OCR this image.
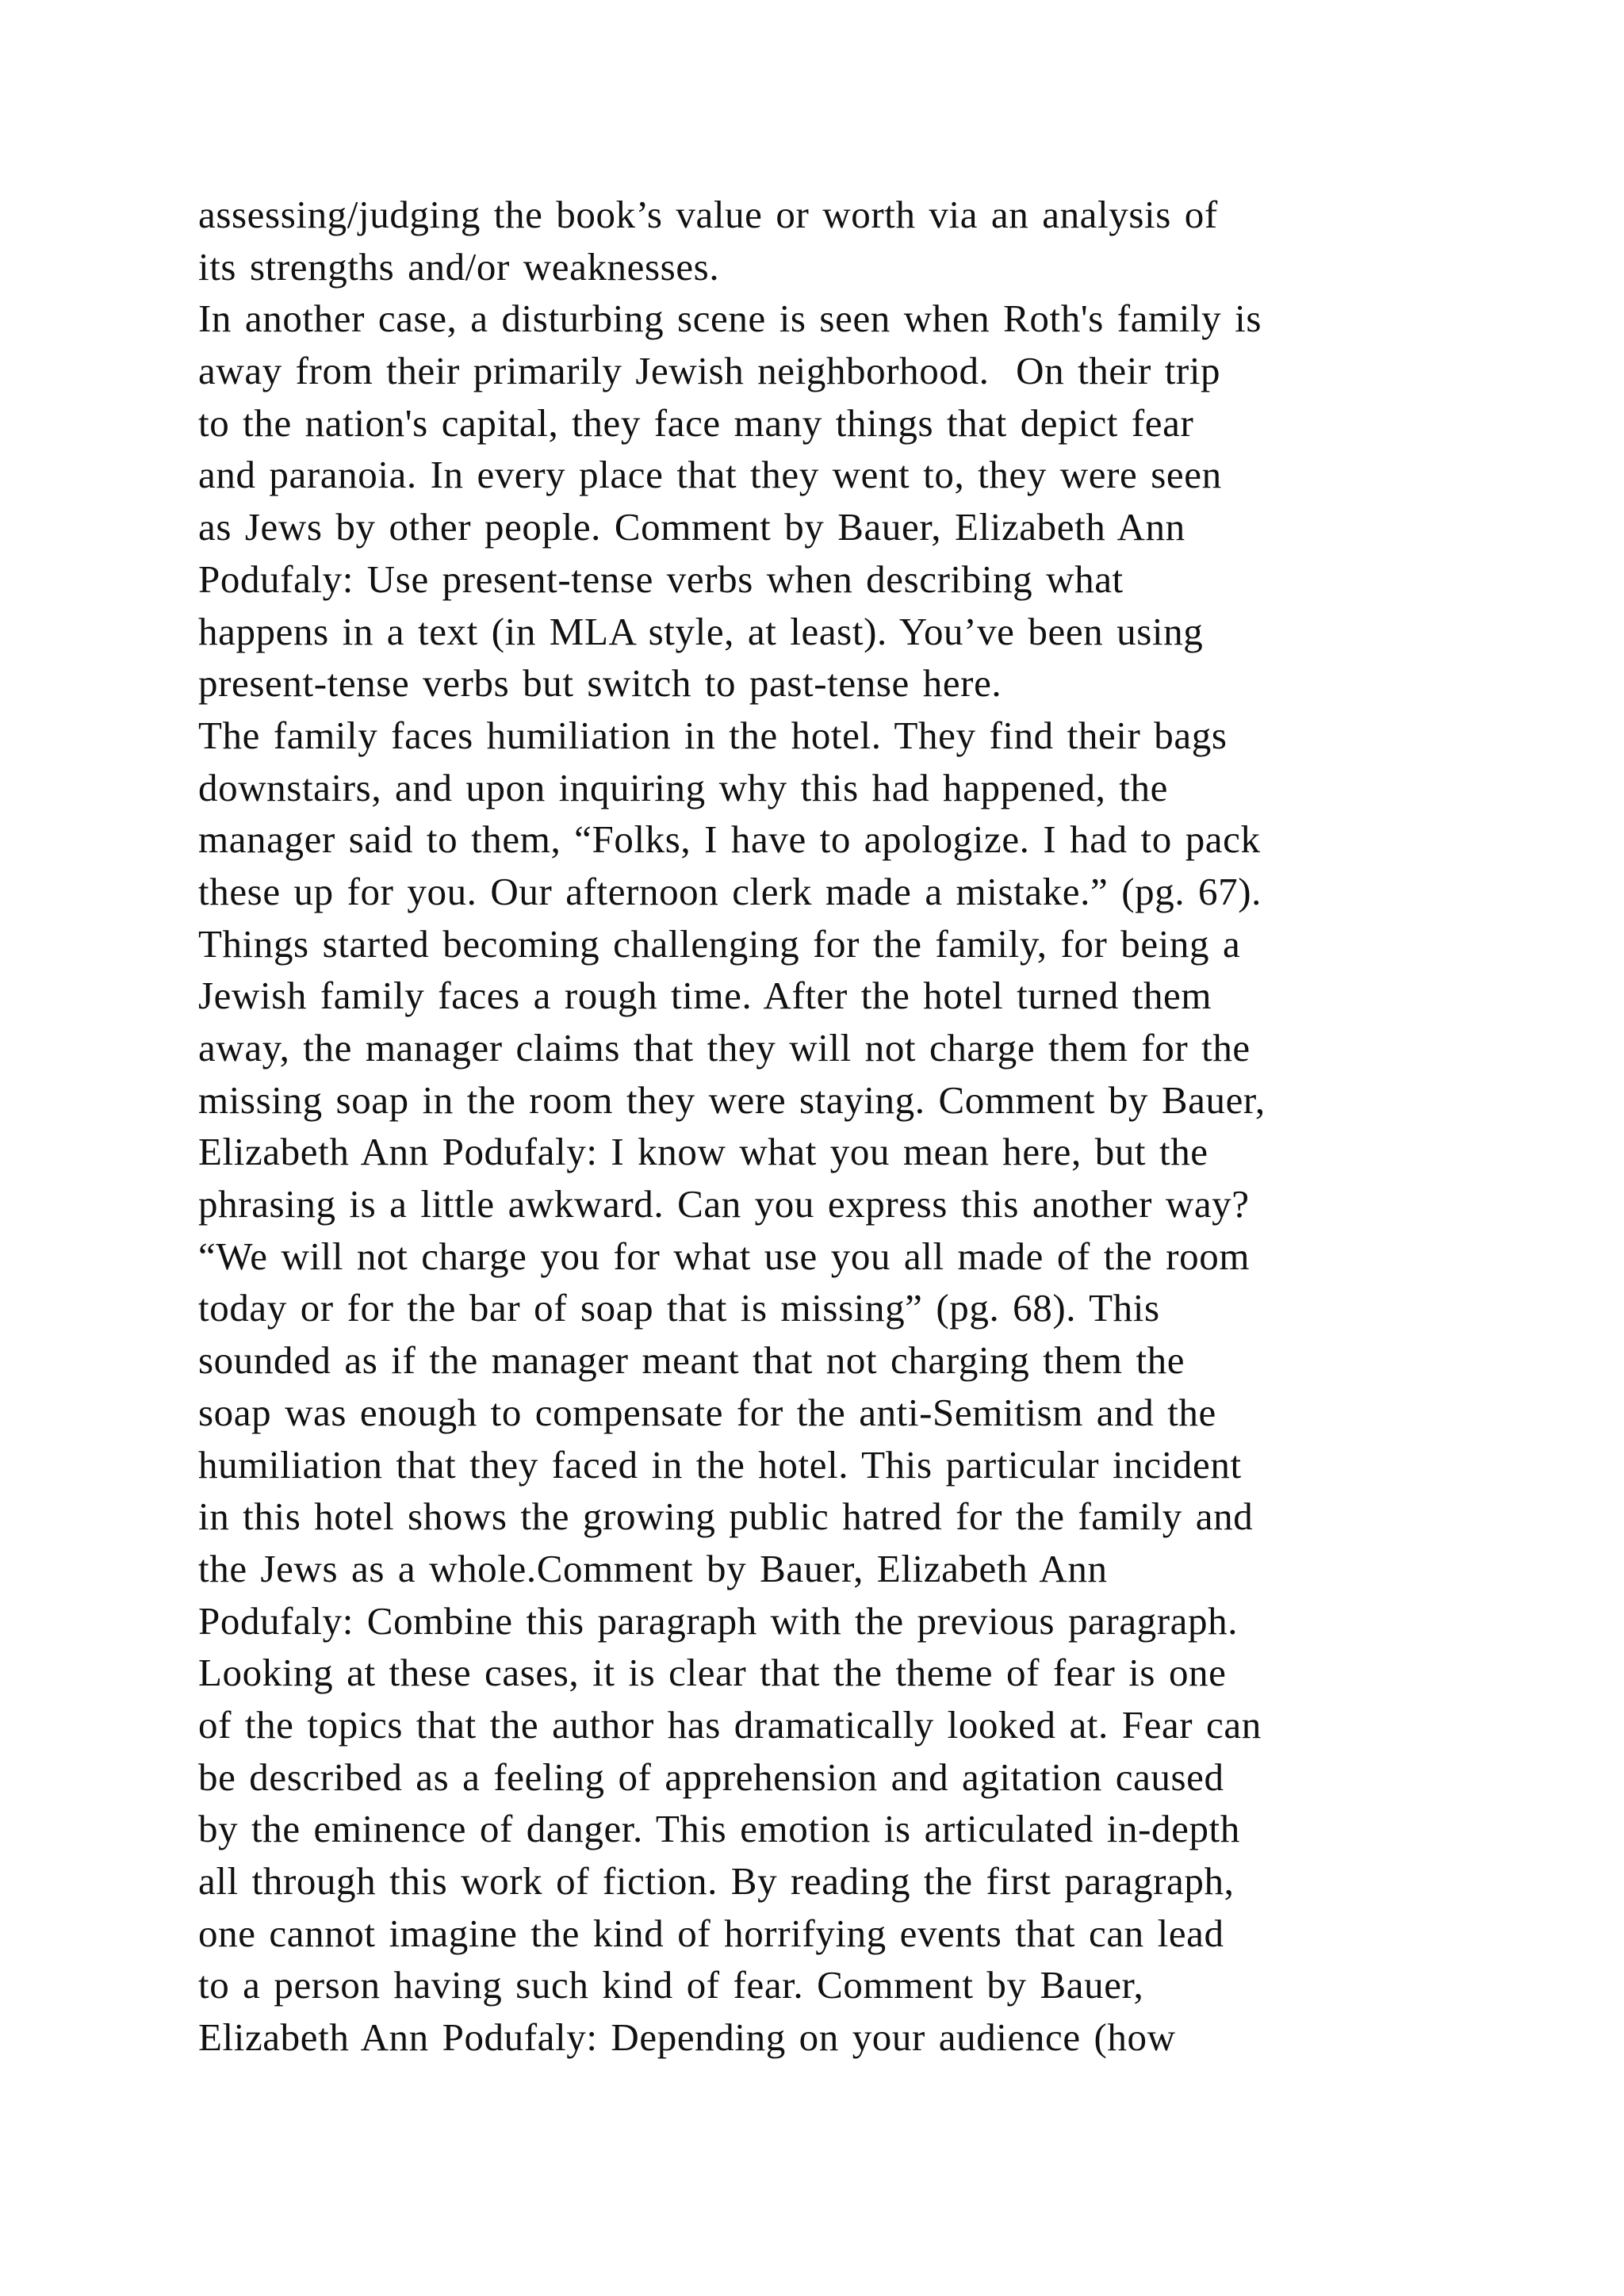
assessing/judging the book’s value or worth via an analysis of
its strengths and/or weaknesses.
In another case, a disturbing scene is seen when Roth's family is
away from their primarily Jewish neighborhood.  On their trip
to the nation's capital, they face many things that depict fear
and paranoia. In every place that they went to, they were seen
as Jews by other people. Comment by Bauer, Elizabeth Ann
Podufaly: Use present-tense verbs when describing what
happens in a text (in MLA style, at least). You’ve been using
present-tense verbs but switch to past-tense here.
The family faces humiliation in the hotel. They find their bags
downstairs, and upon inquiring why this had happened, the
manager said to them, “Folks, I have to apologize. I had to pack
these up for you. Our afternoon clerk made a mistake.” (pg. 67).
Things started becoming challenging for the family, for being a
Jewish family faces a rough time. After the hotel turned them
away, the manager claims that they will not charge them for the
missing soap in the room they were staying. Comment by Bauer,
Elizabeth Ann Podufaly: I know what you mean here, but the
phrasing is a little awkward. Can you express this another way?
“We will not charge you for what use you all made of the room
today or for the bar of soap that is missing” (pg. 68). This
sounded as if the manager meant that not charging them the
soap was enough to compensate for the anti-Semitism and the
humiliation that they faced in the hotel. This particular incident
in this hotel shows the growing public hatred for the family and
the Jews as a whole.Comment by Bauer, Elizabeth Ann
Podufaly: Combine this paragraph with the previous paragraph.
Looking at these cases, it is clear that the theme of fear is one
of the topics that the author has dramatically looked at. Fear can
be described as a feeling of apprehension and agitation caused
by the eminence of danger. This emotion is articulated in-depth
all through this work of fiction. By reading the first paragraph,
one cannot imagine the kind of horrifying events that can lead
to a person having such kind of fear. Comment by Bauer,
Elizabeth Ann Podufaly: Depending on your audience (how
